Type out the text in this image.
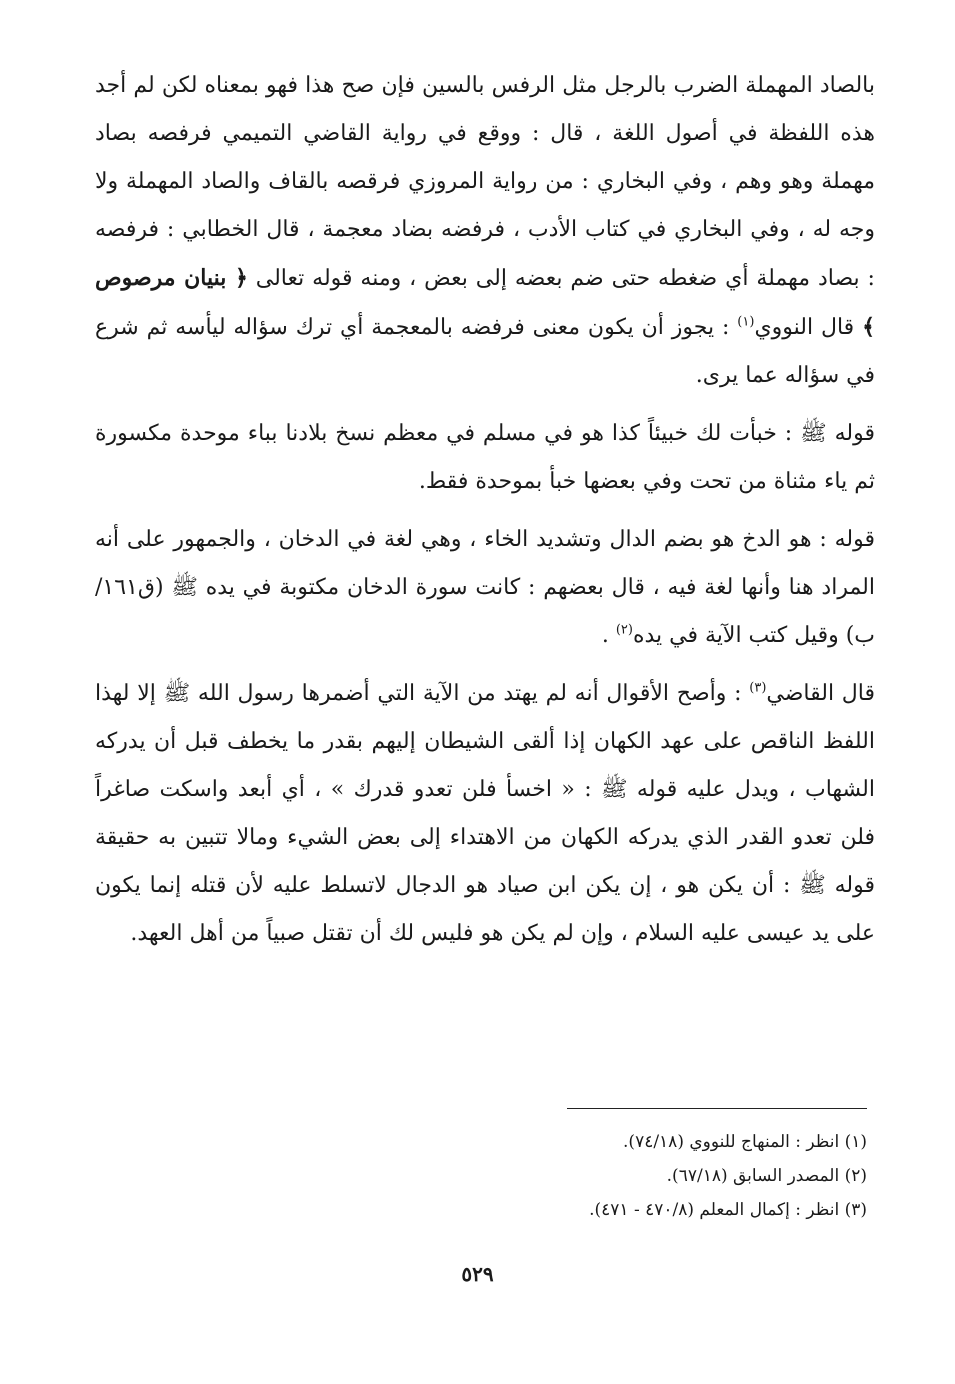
بالصاد المهملة الضرب بالرجل مثل الرفس بالسين فإن صح هذا فهو بمعناه لكن لم أجد هذه اللفظة في أصول اللغة ، قال : ووقع في رواية القاضي التميمي فرفصه بصاد مهملة وهو وهم ، وفي البخاري : من رواية المروزي فرقصه بالقاف والصاد المهملة ولا وجه له ، وفي البخاري في كتاب الأدب ، فرفضه بضاد معجمة ، قال الخطابي : فرفصه : بصاد مهملة أي ضغطه حتى ضم بعضه إلى بعض ، ومنه قوله تعالى ﴿ بنيان مرصوص ﴾ قال النووي$^{(١)}$ : يجوز أن يكون معنى فرفضه بالمعجمة أي ترك سؤاله ليأسه ثم شرع في سؤاله عما يرى.

قوله ﷺ : خبأت لك خبيئاً كذا هو في مسلم في معظم نسخ بلادنا بباء موحدة مكسورة ثم ياء مثناة من تحت وفي بعضها خبأ بموحدة فقط.

قوله : هو الدخ هو بضم الدال وتشديد الخاء ، وهي لغة في الدخان ، والجمهور على أنه المراد هنا وأنها لغة فيه ، قال بعضهم : كانت سورة الدخان مكتوبة في يده ﷺ (ق١٦١/ب) وقيل كتب الآية في يده$^{(٢)}$ .

قال القاضي$^{(٣)}$ : وأصح الأقوال أنه لم يهتد من الآية التي أضمرها رسول الله ﷺ إلا لهذا اللفظ الناقص على عهد الكهان إذا ألقى الشيطان إليهم بقدر ما يخطف قبل أن يدركه الشهاب ، ويدل عليه قوله ﷺ : « اخسأ فلن تعدو قدرك » ، أي أبعد واسكت صاغراً فلن تعدو القدر الذي يدركه الكهان من الاهتداء إلى بعض الشيء ومالا تتبين به حقيقة قوله ﷺ : أن يكن هو ، إن يكن ابن صياد هو الدجال لاتسلط عليه لأن قتله إنما يكون على يد عيسى عليه السلام ، وإن لم يكن هو فليس لك أن تقتل صبياً من أهل العهد.

(١) انظر : المنهاج للنووي (٧٤/١٨).

(٢) المصدر السابق (٦٧/١٨).

(٣) انظر : إكمال المعلم (٤٧٠/٨ - ٤٧١).

٥٢٩
